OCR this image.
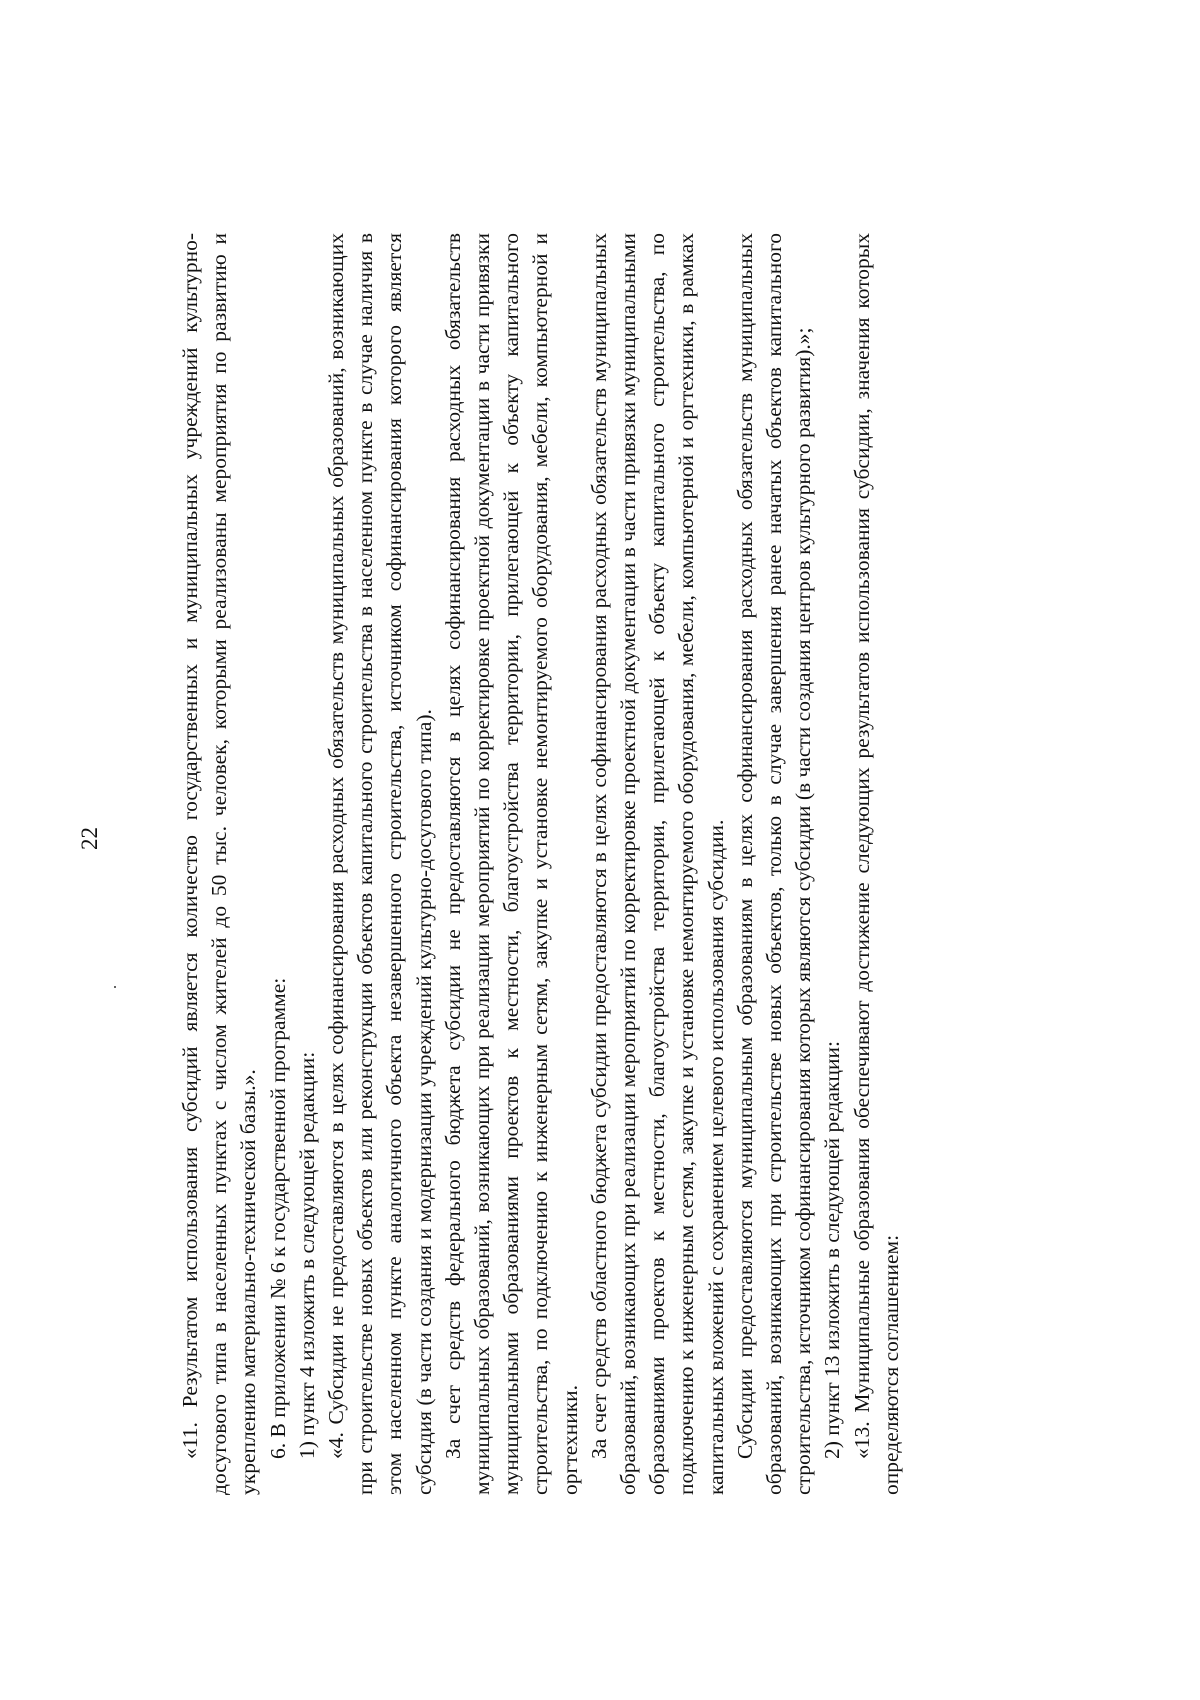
22	«11. Результатом использования субсидий является количество государственных и муниципальных учреждений культурно-досугового типа в населенных пунктах с числом жителей до 50 тыс. человек, которыми реализованы мероприятия по развитию и укреплению материально-технической базы.». 6. В приложении № 6 к государственной программе: 1) пункт 4 изложить в следующей редакции: «4. Субсидии не предоставляются в целях софинансирования расходных обязательств муниципальных образований, возникающих при строительстве новых объектов или реконструкции объектов капитального строительства в населенном пункте в случае наличия в этом населенном пункте аналогичного объекта незавершенного строительства, источником софинансирования которого является субсидия (в части создания и модернизации учреждений культурно-досугового типа). За счет средств федерального бюджета субсидии не предоставляются в целях софинансирования расходных обязательств муниципальных образований, возникающих при реализации мероприятий по корректировке проектной документации в части привязки муниципальными образованиями проектов к местности, благоустройства территории, прилегающей к объекту капитального строительства, по подключению к инженерным сетям, закупке и установке немонтируемого оборудования, мебели, компьютерной и оргтехники. За счет средств областного бюджета субсидии предоставляются в целях софинансирования расходных обязательств муниципальных образований, возникающих при реализации мероприятий по корректировке проектной документации в части привязки муниципальными образованиями проектов к местности, благоустройства территории, прилегающей к объекту капитального строительства, по подключению к инженерным сетям, закупке и установке немонтируемого оборудования, мебели, компьютерной и оргтехники, в рамках капитальных вложений с сохранением целевого использования субсидии. Субсидии предоставляются муниципальным образованиям в целях софинансирования расходных обязательств муниципальных образований, возникающих при строительстве новых объектов, только в случае завершения ранее начатых объектов капитального строительства, источником софинансирования которых являются субсидии (в части создания центров культурного развития).»; 2) пункт 13 изложить в следующей редакции: «13. Муниципальные образования обеспечивают достижение следующих результатов использования субсидии, значения которых определяются соглашением:
